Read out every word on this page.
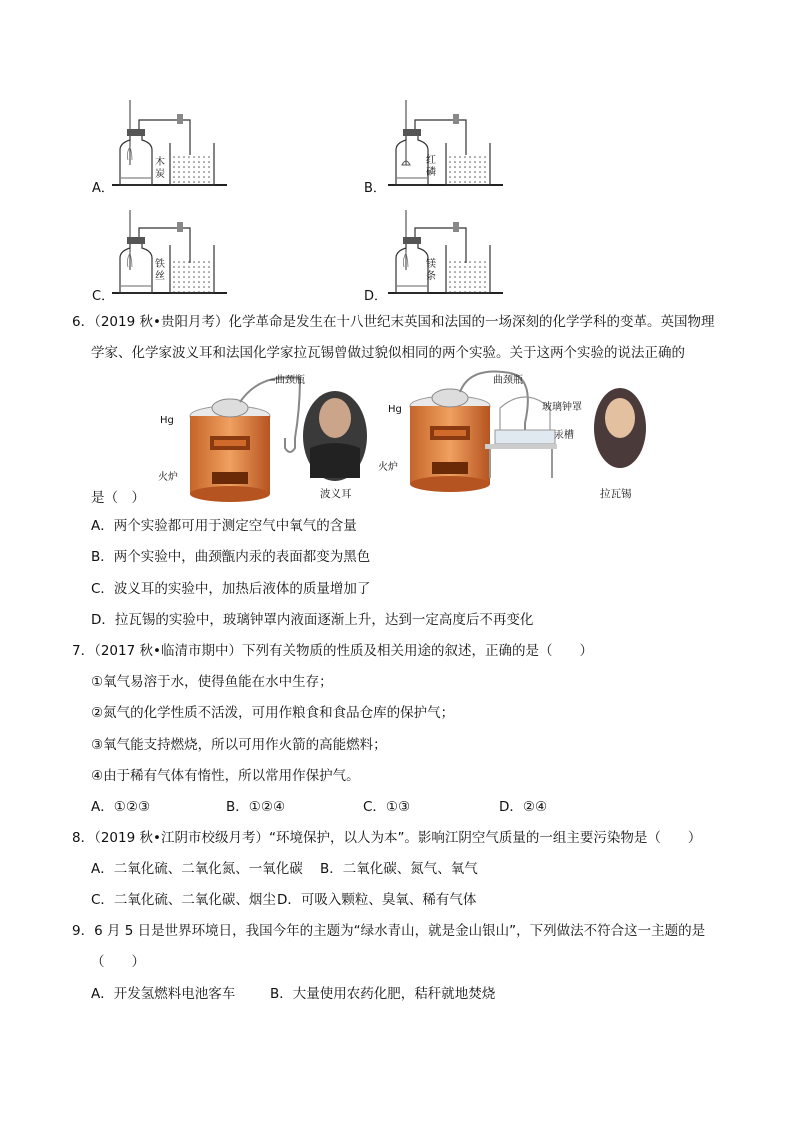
A．
木
炭
B．
红
磷
C．
铁
丝
D．
镁
条
6．（2019 秋•贵阳月考）化学革命是发生在十八世纪末英国和法国的一场深刻的化学学科的变革。英国物理
学家、化学家波义耳和法国化学家拉瓦锡曾做过貌似相同的两个实验。关于这两个实验的说法正确的
曲颈瓶
Hg
火炉
波义耳
曲颈瓶
玻璃钟罩
汞槽
Hg
火炉
拉瓦锡
是（　）
A．两个实验都可用于测定空气中氧气的含量
B．两个实验中，曲颈甑内汞的表面都变为黑色
C．波义耳的实验中，加热后液体的质量增加了
D．拉瓦锡的实验中，玻璃钟罩内液面逐渐上升，达到一定高度后不再变化
7．（2017 秋•临清市期中）下列有关物质的性质及相关用途的叙述，正确的是（　　）
①氧气易溶于水，使得鱼能在水中生存；
②氮气的化学性质不活泼，可用作粮食和食品仓库的保护气；
③氧气能支持燃烧，所以可用作火箭的高能燃料；
④由于稀有气体有惰性，所以常用作保护气。
A．①②③	B．①②④	C．①③	D．②④
8．（2019 秋•江阴市校级月考）“环境保护，以人为本”。影响江阴空气质量的一组主要污染物是（　　）
A．二氧化硫、二氧化氮、一氧化碳 B．二氧化碳、氮气、氧气
C．二氧化硫、二氧化碳、烟尘 D．可吸入颗粒、臭氧、稀有气体
9．6 月 5 日是世界环境日，我国今年的主题为“绿水青山，就是金山银山”，下列做法不符合这一主题的是
（　　）
A．开发氢燃料电池客车	B．大量使用农药化肥，秸秆就地焚烧
